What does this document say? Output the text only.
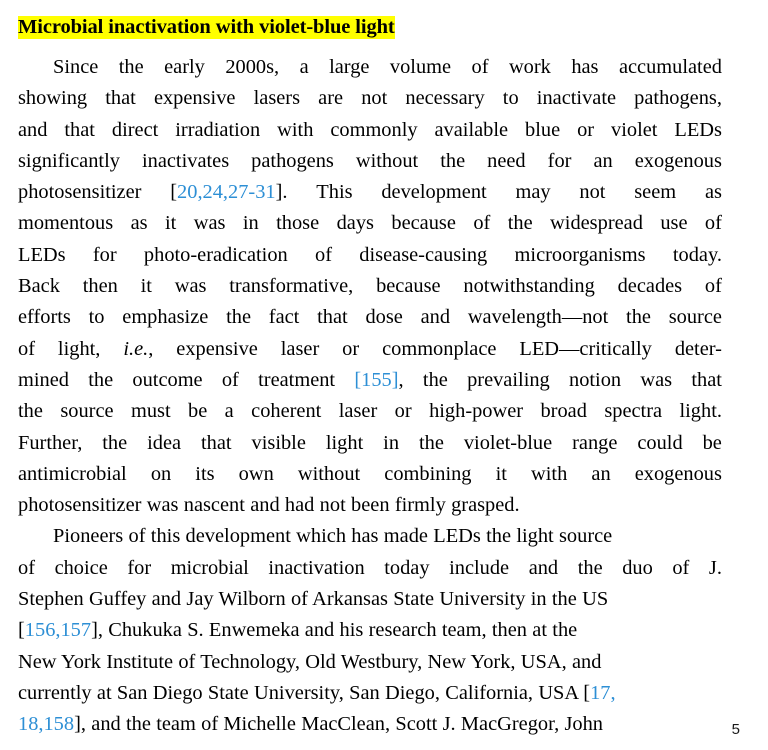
Microbial inactivation with violet-blue light

Since the early 2000s, a large volume of work has accumulated
showing that expensive lasers are not necessary to inactivate pathogens,
and that direct irradiation with commonly available blue or violet LEDs
significantly inactivates pathogens without the need for an exogenous
photosensitizer [20,24,27-31]. This development may not seem as
momentous as it was in those days because of the widespread use of
LEDs for photo-eradication of disease-causing microorganisms today.
Back then it was transformative, because notwithstanding decades of
efforts to emphasize the fact that dose and wavelength—not the source
of light, i.e., expensive laser or commonplace LED—critically deter-
mined the outcome of treatment [155], the prevailing notion was that
the source must be a coherent laser or high-power broad spectra light.
Further, the idea that visible light in the violet-blue range could be
antimicrobial on its own without combining it with an exogenous
photosensitizer was nascent and had not been firmly grasped.

Pioneers of this development which has made LEDs the light source
of choice for microbial inactivation today include and the duo of J.
Stephen Guffey and Jay Wilborn of Arkansas State University in the US
[156,157], Chukuka S. Enwemeka and his research team, then at the
New York Institute of Technology, Old Westbury, New York, USA, and
currently at San Diego State University, San Diego, California, USA [17,
18,158], and the team of Michelle MacClean, Scott J. MacGregor, John	5
